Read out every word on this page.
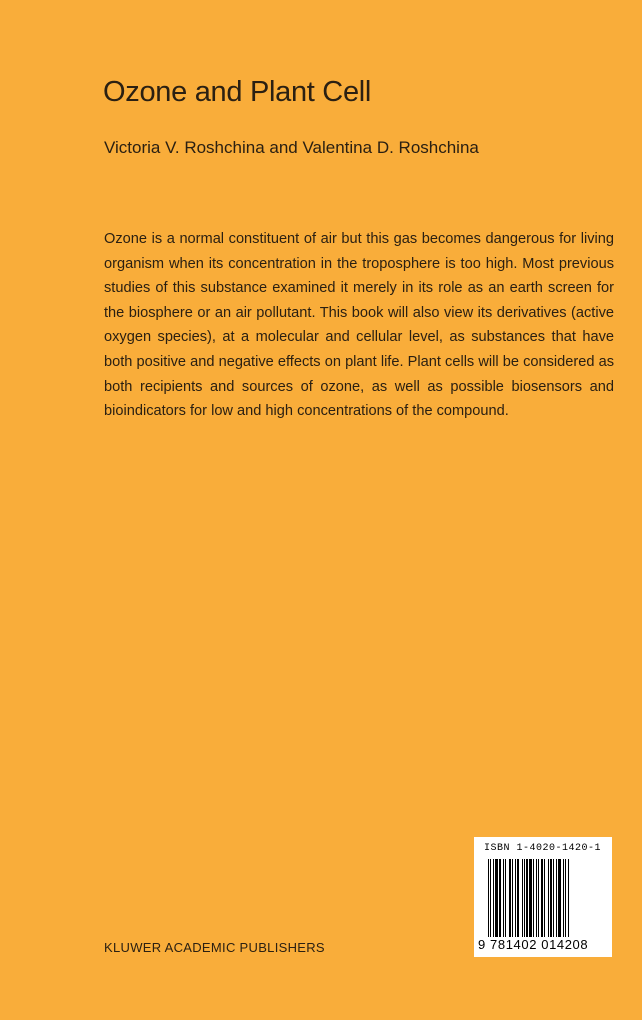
Ozone and Plant Cell
Victoria V. Roshchina and Valentina D. Roshchina

Ozone is a normal constituent of air but this gas becomes dangerous for living organism when its concentration in the troposphere is too high. Most previous studies of this substance examined it merely in its role as an earth screen for the biosphere or an air pollutant. This book will also view its derivatives (active oxygen species), at a molecular and cellular level, as substances that have both positive and negative effects on plant life. Plant cells will be considered as both recipients and sources of ozone, as well as possible biosensors and bioindicators for low and high concentrations of the compound.

KLUWER ACADEMIC PUBLISHERS
ISBN 1-4020-1420-1
9 781402 014208
